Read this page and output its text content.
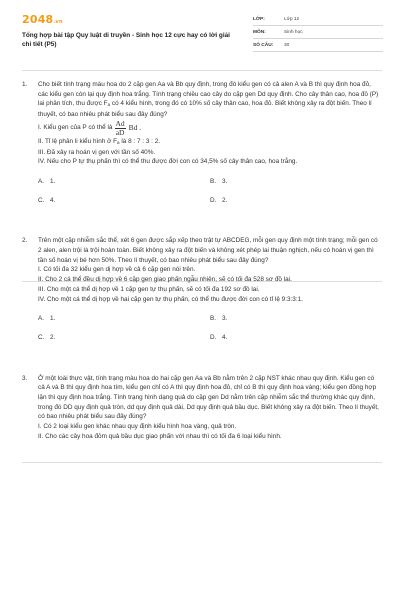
2048.vn
Tổng hợp bài tập Quy luật di truyền - Sinh học 12 cực hay có lời giải chi tiết (P5)
LỚP:	Lớp 12
MÔN:	Sinh học
SỐ CÂU:	30
1. Cho biết tính trạng màu hoa do 2 cặp gen Aa và Bb quy định, trong đó kiểu gen có cả alen A và B thì quy định hoa đỏ, các kiểu gen còn lại quy định hoa trắng. Tính trạng chiều cao cây do cặp gen Dd quy định. Cho cây thân cao, hoa đỏ (P) lai phân tích, thu được $F_a$ có 4 kiểu hình, trong đó có 10% số cây thân cao, hoa đỏ. Biết không xảy ra đột biến. Theo lí thuyết, có bao nhiêu phát biểu sau đây đúng?

I. Kiểu gen của P có thể là $\frac{Ad}{aD}$ Bd .

II. Tỉ lệ phân li kiểu hình ở $F_a$ là 8 : 7 : 3 : 2.

III. Đã xảy ra hoán vị gen với tần số 40%.

IV. Nếu cho P tự thụ phấn thì có thể thu được đời con có 34,5% số cây thân cao, hoa trắng.

A. 1.	B. 3.
C. 4.	D. 2.
2. Trên một cặp nhiễm sắc thể, xét 6 gen được sắp xếp theo trật tự ABCDEG, mỗi gen quy định một tính trạng; mỗi gen có 2 alen, alen trội là trội hoàn toàn. Biết không xảy ra đột biến và không xét phép lai thuận nghịch, nếu có hoán vị gen thì tần số hoán vị bé hơn 50%. Theo lí thuyết, có bao nhiêu phát biểu sau đây đúng?

I. Có tối đa 32 kiểu gen dị hợp về cả 6 cặp gen nói trên.

II. Cho 2 cá thể đều dị hợp về 6 cặp gen giao phấn ngẫu nhiên, sẽ có tối đa 528 sơ đồ lai.

III. Cho một cá thể dị hợp về 1 cặp gen tự thụ phấn, sẽ có tối đa 192 sơ đồ lai.

IV. Cho một cá thể dị hợp về hai cặp gen tự thụ phấn, có thể thu được đời con có tỉ lệ 9:3:3:1.

A. 1.	B. 3.
C. 2.	D. 4.
3. Ở một loài thực vật, tính trạng màu hoa do hai cặp gen Aa và Bb nằm trên 2 cặp NST khác nhau quy định. Kiểu gen có cả A và B thì quy định hoa tím, kiểu gen chỉ có A thì quy định hoa đỏ, chỉ có B thì quy định hoa vàng; kiểu gen đồng hợp lặn thì quy định hoa trắng. Tính trạng hình dạng quả do cặp gen Dd nằm trên cặp nhiễm sắc thể thường khác quy định, trong đó DD quy định quả tròn, dd quy định quả dài, Dd quy định quả bầu dục. Biết không xảy ra đột biến. Theo lí thuyết, có bao nhiêu phát biểu sau đây đúng?

I. Có 2 loại kiểu gen khác nhau quy định kiểu hình hoa vàng, quả tròn.

II. Cho các cây hoa đỏm quả bầu dục giao phấn với nhau thì có tối đa 6 loại kiểu hình.
